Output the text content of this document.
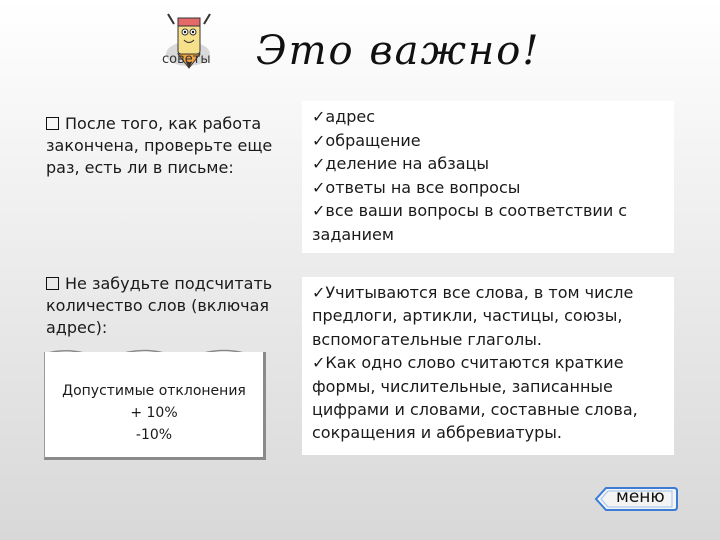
советы Это важно!
После того, как работа закончена, проверьте еще раз, есть ли в письме:
✓адрес
✓обращение
✓деление на абзацы
✓ответы на все вопросы
✓все ваши вопросы в соответствии с заданием
Не забудьте подсчитать количество слов (включая адрес):
✓Учитываются все слова, в том числе предлоги, артикли, частицы, союзы, вспомогательные глаголы.
✓Как одно слово считаются краткие формы, числительные, записанные цифрами и словами, составные слова, сокращения и аббревиатуры.
Допустимые отклонения
+ 10%
-10%
меню
